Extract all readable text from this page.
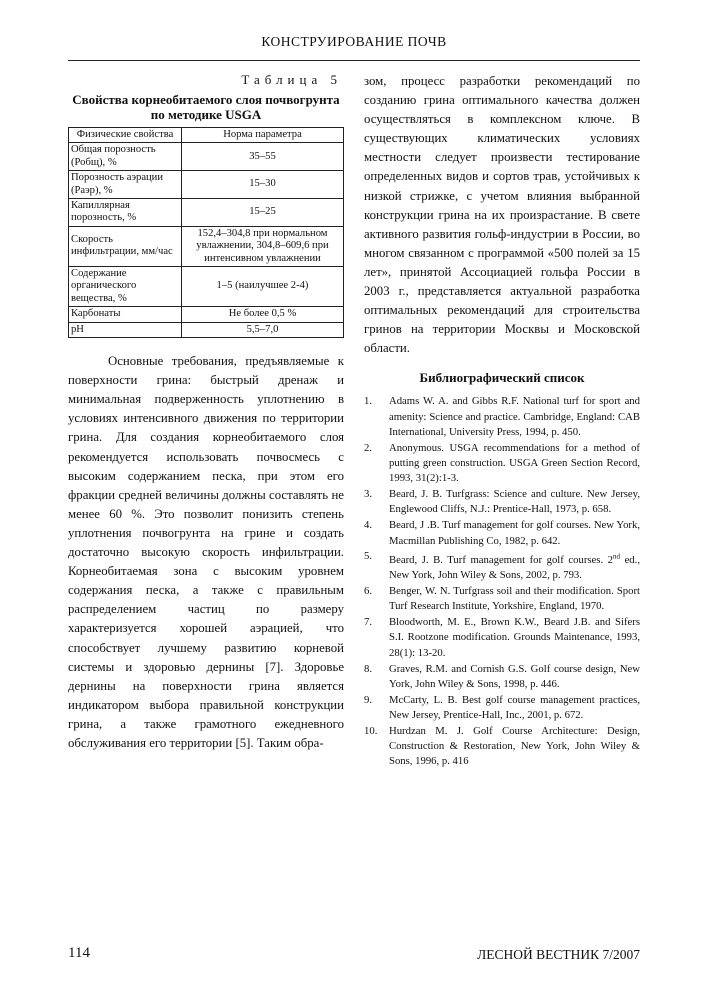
КОНСТРУИРОВАНИЕ ПОЧВ
Таблица 5
Свойства корнеобитаемого слоя почвогрунта по методике USGA
Физические свойства	Норма параметра
Общая порозность (Робщ), %	35–55
Порозность аэрации (Раэр), %	15–30
Капиллярная порозность, %	15–25
Скорость инфильтрации, мм/час	152,4–304,8 при нормальном увлажнении, 304,8–609,6 при интенсивном увлажнении
Содержание органического вещества, %	1–5 (наилучшее 2-4)
Карбонаты	Не более 0,5 %
pH	5,5–7,0

Основные требования, предъявляемые к поверхности грина: быстрый дренаж и минимальная подверженность уплотнению в условиях интенсивного движения по территории грина. Для создания корнеобитаемого слоя рекомендуется использовать почвосмесь с высоким содержанием песка, при этом его фракции средней величины должны составлять не менее 60 %. Это позволит понизить степень уплотнения почвогрунта на грине и создать достаточно высокую скорость инфильтрации. Корнеобитаемая зона с высоким уровнем содержания песка, а также с правильным распределением частиц по размеру характеризуется хорошей аэрацией, что способствует лучшему развитию корневой системы и здоровью дернины [7]. Здоровье дернины на поверхности грина является индикатором выбора правильной конструкции грина, а также грамотного ежедневного обслуживания его территории [5]. Таким обра-

зом, процесс разработки рекомендаций по созданию грина оптимального качества должен осуществляться в комплексном ключе. В существующих климатических условиях местности следует произвести тестирование определенных видов и сортов трав, устойчивых к низкой стрижке, с учетом влияния выбранной конструкции грина на их произрастание. В свете активного развития гольф-индустрии в России, во многом связанном с программой «500 полей за 15 лет», принятой Ассоциацией гольфа России в 2003 г., представляется актуальной разработка оптимальных рекомендаций для строительства гринов на территории Москвы и Московской области.

Библиографический список
1. Adams W. A. and Gibbs R.F. National turf for sport and amenity: Science and practice. Cambridge, England: CAB International, University Press, 1994, p. 450.
2. Anonymous. USGA recommendations for a method of putting green construction. USGA Green Section Record, 1993, 31(2):1-3.
3. Beard, J. B. Turfgrass: Science and culture. New Jersey, Englewood Cliffs, N.J.: Prentice-Hall, 1973, p. 658.
4. Beard, J .B. Turf management for golf courses. New York, Macmillan Publishing Co, 1982, p. 642.
5. Beard, J. B. Turf management for golf courses. 2nd ed., New York, John Wiley & Sons, 2002, p. 793.
6. Benger, W. N. Turfgrass soil and their modification. Sport Turf Research Institute, Yorkshire, England, 1970.
7. Bloodworth, M. E., Brown K.W., Beard J.B. and Sifers S.I. Rootzone modification. Grounds Maintenance, 1993, 28(1): 13-20.
8. Graves, R.M. and Cornish G.S. Golf course design, New York, John Wiley & Sons, 1998, p. 446.
9. McCarty, L. B. Best golf course management practices, New Jersey, Prentice-Hall, Inc., 2001, p. 672.
10. Hurdzan M. J. Golf Course Architecture: Design, Construction & Restoration, New York, John Wiley & Sons, 1996, p. 416
114	ЛЕСНОЙ ВЕСТНИК 7/2007
